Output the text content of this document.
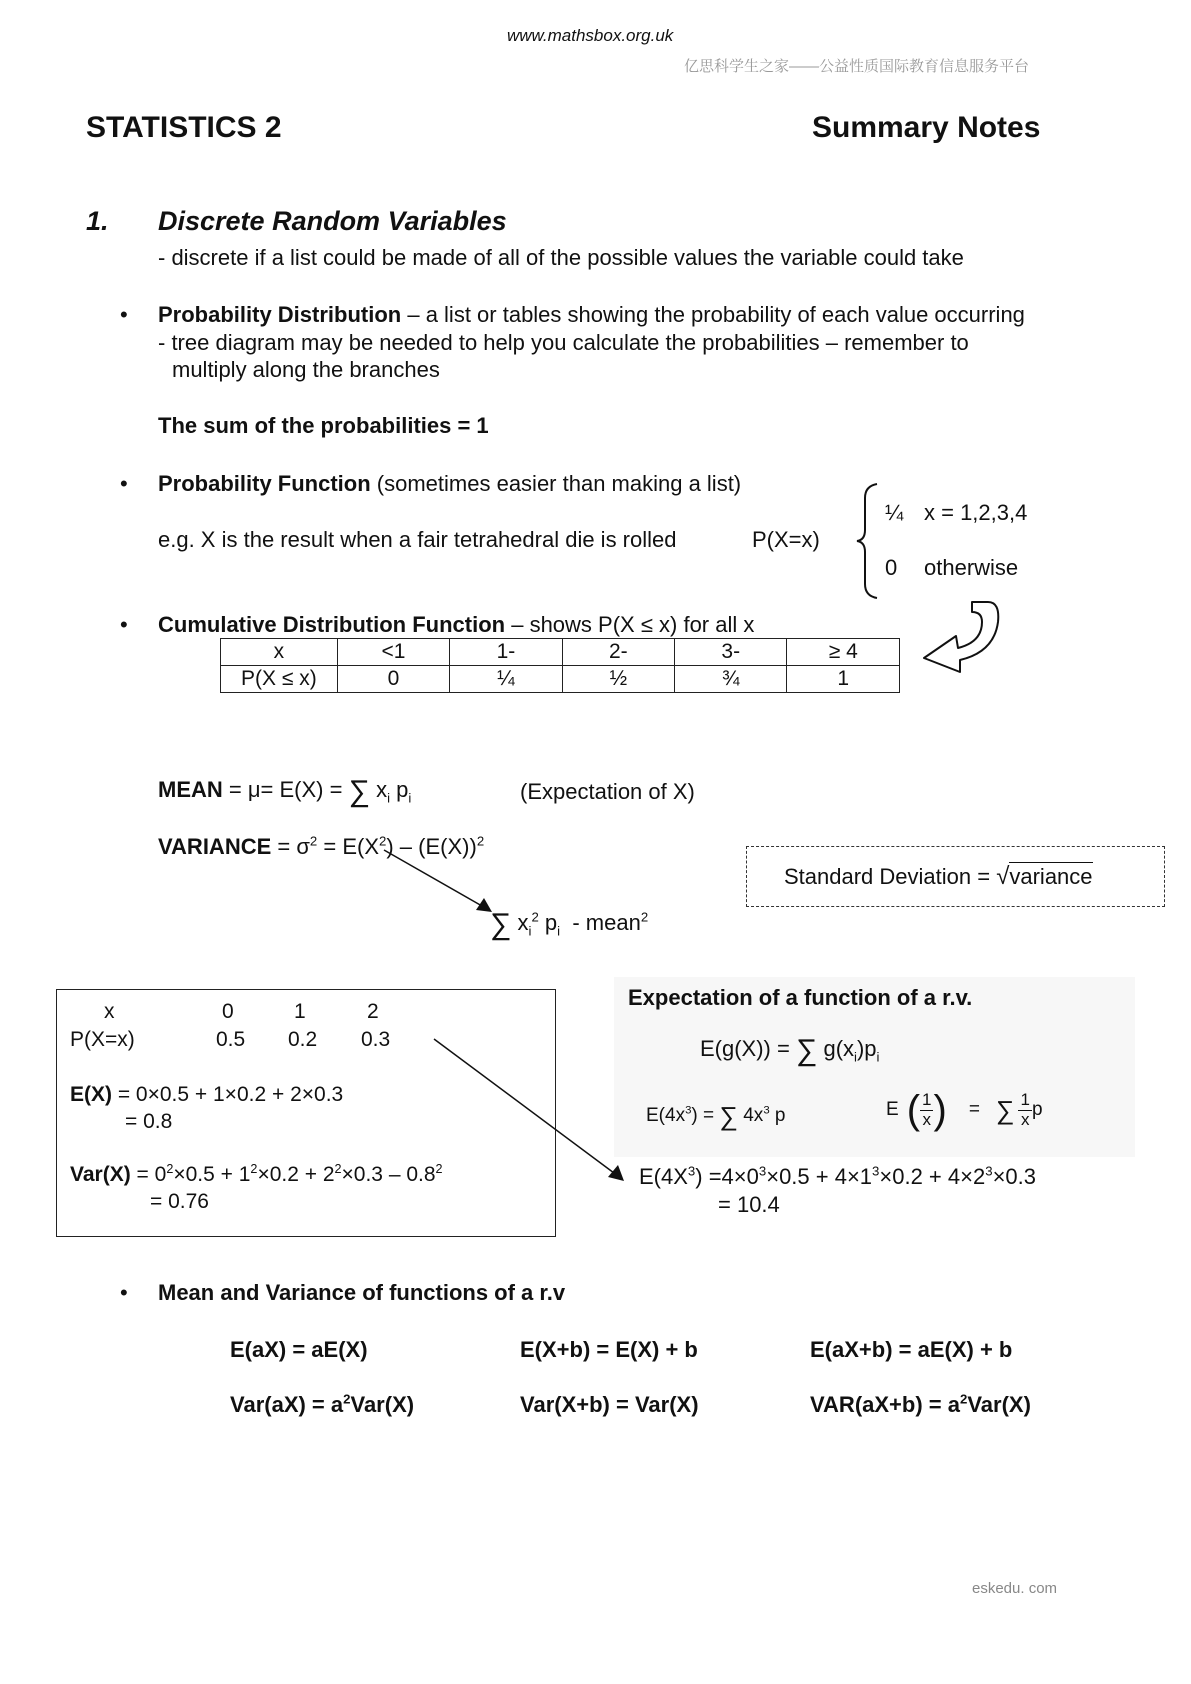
www.mathsbox.org.uk
亿思科学生之家——公益性质国际教育信息服务平台
STATISTICS 2	Summary Notes
1. Discrete Random Variables
- discrete if a list could be made of all of the possible values the variable could take
• Probability Distribution – a list or tables showing the probability of each value occurring
- tree diagram may be needed to help you calculate the probabilities – remember to
multiply along the branches
The sum of the probabilities = 1
• Probability Function (sometimes easier than making a list)
e.g. X is the result when a fair tetrahedral die is rolled	P(X=x)
¼ x = 1,2,3,4
0 otherwise
• Cumulative Distribution Function – shows P(X ≤ x) for all x
x	<1	1-	2-	3-	≥ 4
P(X ≤ x)	0	¼	½	¾	1
MEAN = μ= E(X) = ∑ $x_i$ $p_i$	(Expectation of X)
VARIANCE = $\sigma^2 = E(X^2) - (E(X))^2$
∑ $x_i^2$ $p_i$ - mean$^2$
Standard Deviation = √variance
x	0	1	2
P(X=x)	0.5 0.2 0.3
E(X) = 0×0.5 + 1×0.2 + 2×0.3
= 0.8
$Var(X) = 0^2\times 0.5 + 1^2\times 0.2 + 2^2\times 0.3 - 0.8^2$
= 0.76
Expectation of a function of a r.v.
E(g(X)) = ∑ $g(x_i)p_i$
$E(4x^3)$ = ∑ $4x^3$ p	E ( $\frac{1}{x}$ ) = ∑ $\frac{1}{x}$ p
$E(4X^3) =4\times 0^3\times 0.5 + 4\times 1^3\times 0.2 + 4\times 2^3\times 0.3$
= 10.4
• Mean and Variance of functions of a r.v
E(aX) = aE(X)	E(X+b) = E(X) + b	E(aX+b) = aE(X) + b
$Var(aX) = a^2Var(X)$	Var(X+b) = Var(X)	$VAR(aX+b) = a^2Var(X)$
eskedu. com
